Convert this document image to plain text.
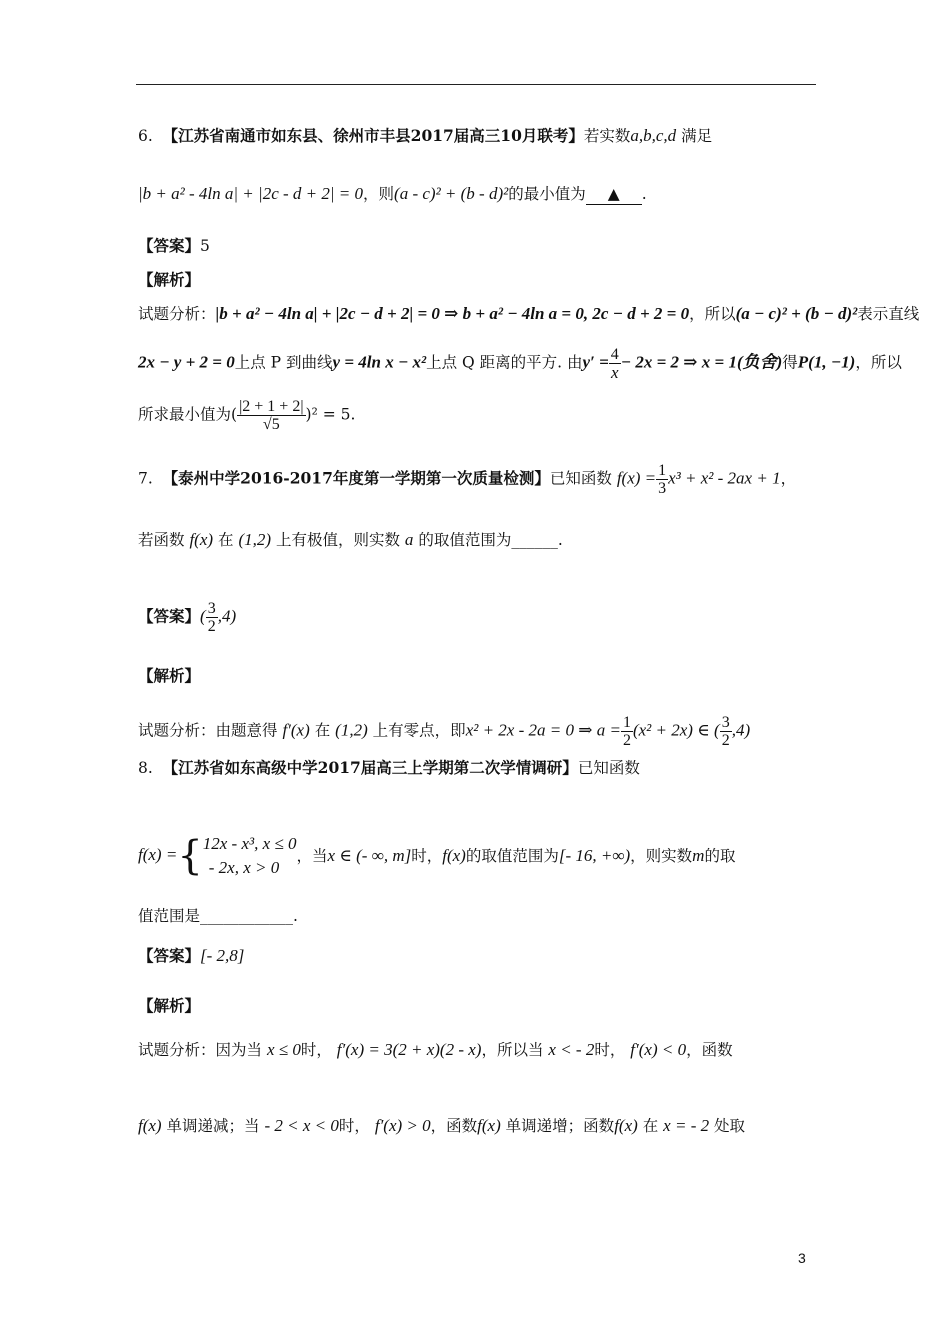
6. 【江苏省南通市如东县、徐州市丰县2017届高三10月联考】若实数a,b,c,d 满足
|b + a² - 4ln a| + |2c - d + 2| = 0，则(a - c)² + (b - d)²的最小值为 ▲ .
【答案】5
【解析】
试题分析：|b + a² − 4ln a| + |2c − d + 2| = 0 ⇒ b + a² − 4ln a = 0, 2c − d + 2 = 0，所以(a − c)² + (b − d)²表示直线
2x − y + 2 = 0上点 P 到曲线y = 4ln x − x²上点 Q 距离的平方. 由$y' = \frac{4}{x} - 2x = 2$ ⇒ x = 1(负舍)得P(1, −1)，所以
所求最小值为( $\frac{|2 + 1 + 2|}{√5} )^2 = 5$.
7. 【泰州中学2016-2017年度第一学期第一次质量检测】已知函数 $f(x) = \frac{1}{3} x^3 + x^2 - 2ax + 1$，
若函数 f(x) 在 (1,2) 上有极值，则实数 a 的取值范围为______.
【答案】( $\frac{3}{2} ,4$)
【解析】
试题分析：由题意得 f′(x) 在 (1,2) 上有零点，即x² + 2x - 2a = 0 ⇒ $a = \frac{1}{2} (x^2 + 2x)$ ∈ ( $\frac{3}{2} ,4$)
8. 【江苏省如东高级中学2017届高三上学期第二次学情调研】已知函数
f(x) ={ 12x - x³, x ≤ 0
- 2x, x > 0
，当x ∈ (- ∞, m]时，f(x)的取值范围为[- 16, +∞)，则实数m的取
值范围是____________.
【答案】[- 2,8]
【解析】
试题分析：因为当 x ≤ 0时， f′(x) = 3(2 + x)(2 - x)，所以当 x < - 2时， f′(x) < 0，函数
f(x) 单调递减；当 - 2 < x < 0时， f′(x) > 0，函数f(x) 单调递增；函数f(x) 在 x = - 2 处取
3
